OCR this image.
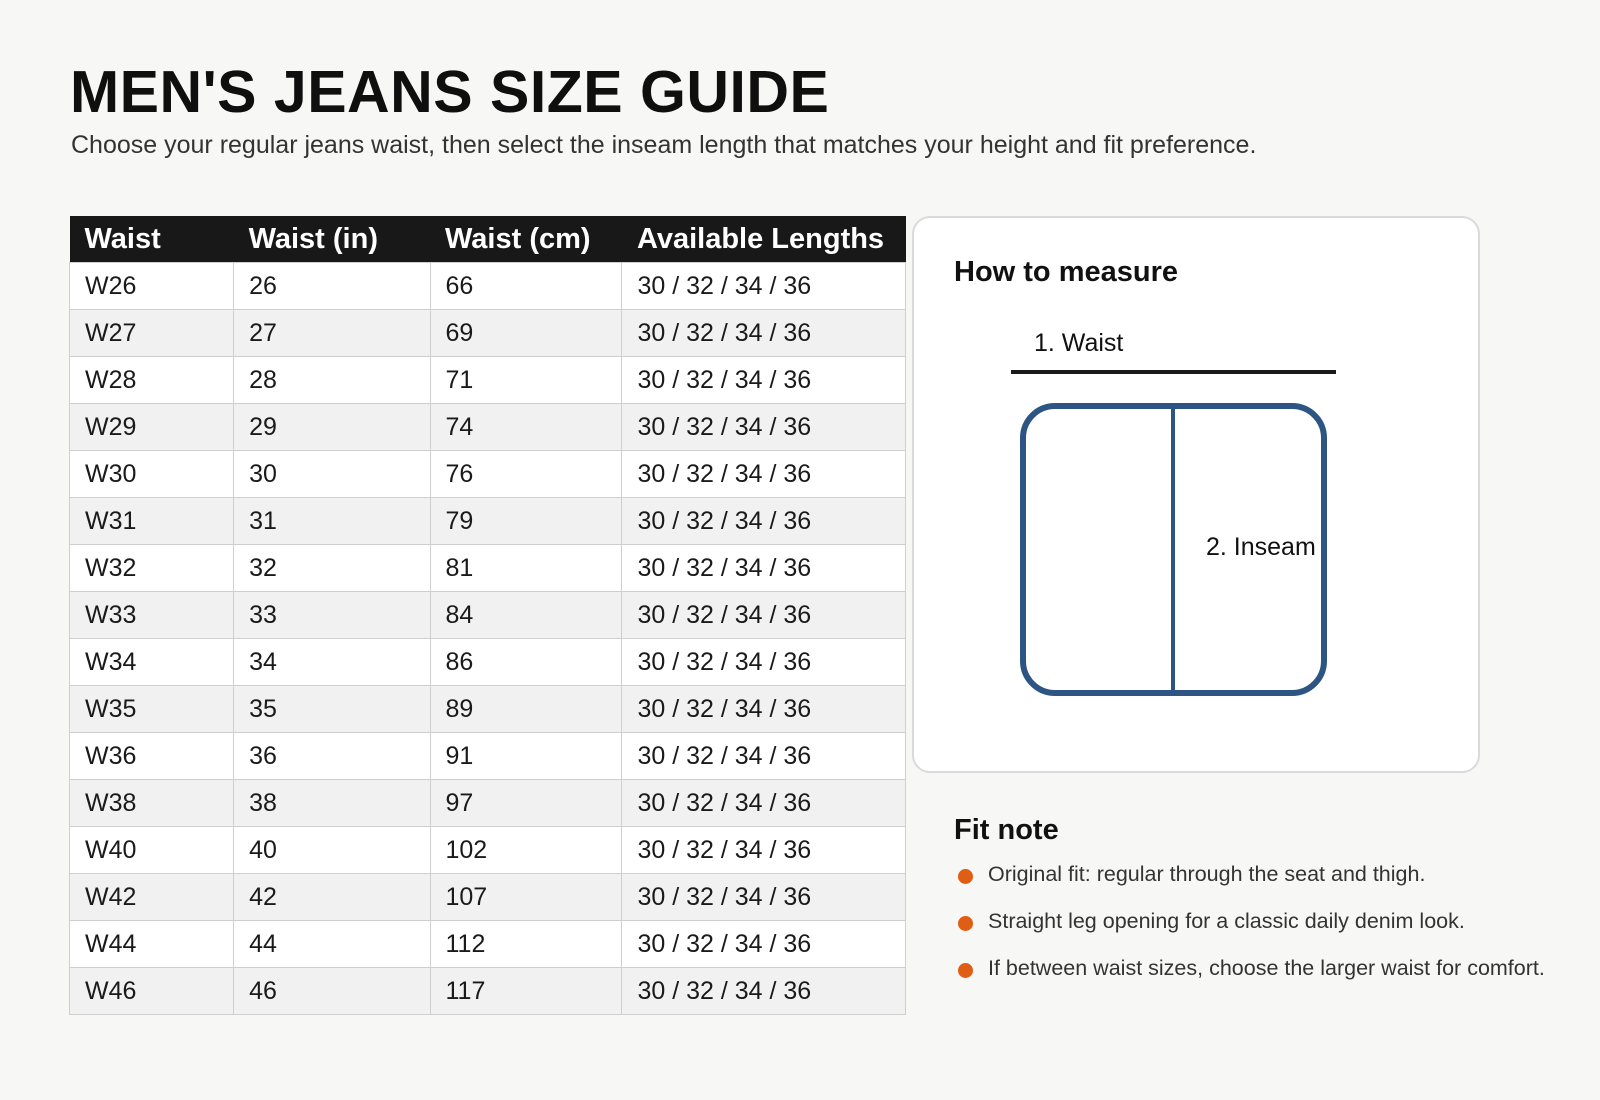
MEN'S JEANS SIZE GUIDE

Choose your regular jeans waist, then select the inseam length that matches your height and fit preference.

Waist	Waist (in)	Waist (cm)	Available Lengths
W26	26	66	30 / 32 / 34 / 36
W27	27	69	30 / 32 / 34 / 36
W28	28	71	30 / 32 / 34 / 36
W29	29	74	30 / 32 / 34 / 36
W30	30	76	30 / 32 / 34 / 36
W31	31	79	30 / 32 / 34 / 36
W32	32	81	30 / 32 / 34 / 36
W33	33	84	30 / 32 / 34 / 36
W34	34	86	30 / 32 / 34 / 36
W35	35	89	30 / 32 / 34 / 36
W36	36	91	30 / 32 / 34 / 36
W38	38	97	30 / 32 / 34 / 36
W40	40	102	30 / 32 / 34 / 36
W42	42	107	30 / 32 / 34 / 36
W44	44	112	30 / 32 / 34 / 36
W46	46	117	30 / 32 / 34 / 36
How to measure
1. Waist
2. Inseam
Fit note
Original fit: regular through the seat and thigh.
Straight leg opening for a classic daily denim look.
If between waist sizes, choose the larger waist for comfort.
